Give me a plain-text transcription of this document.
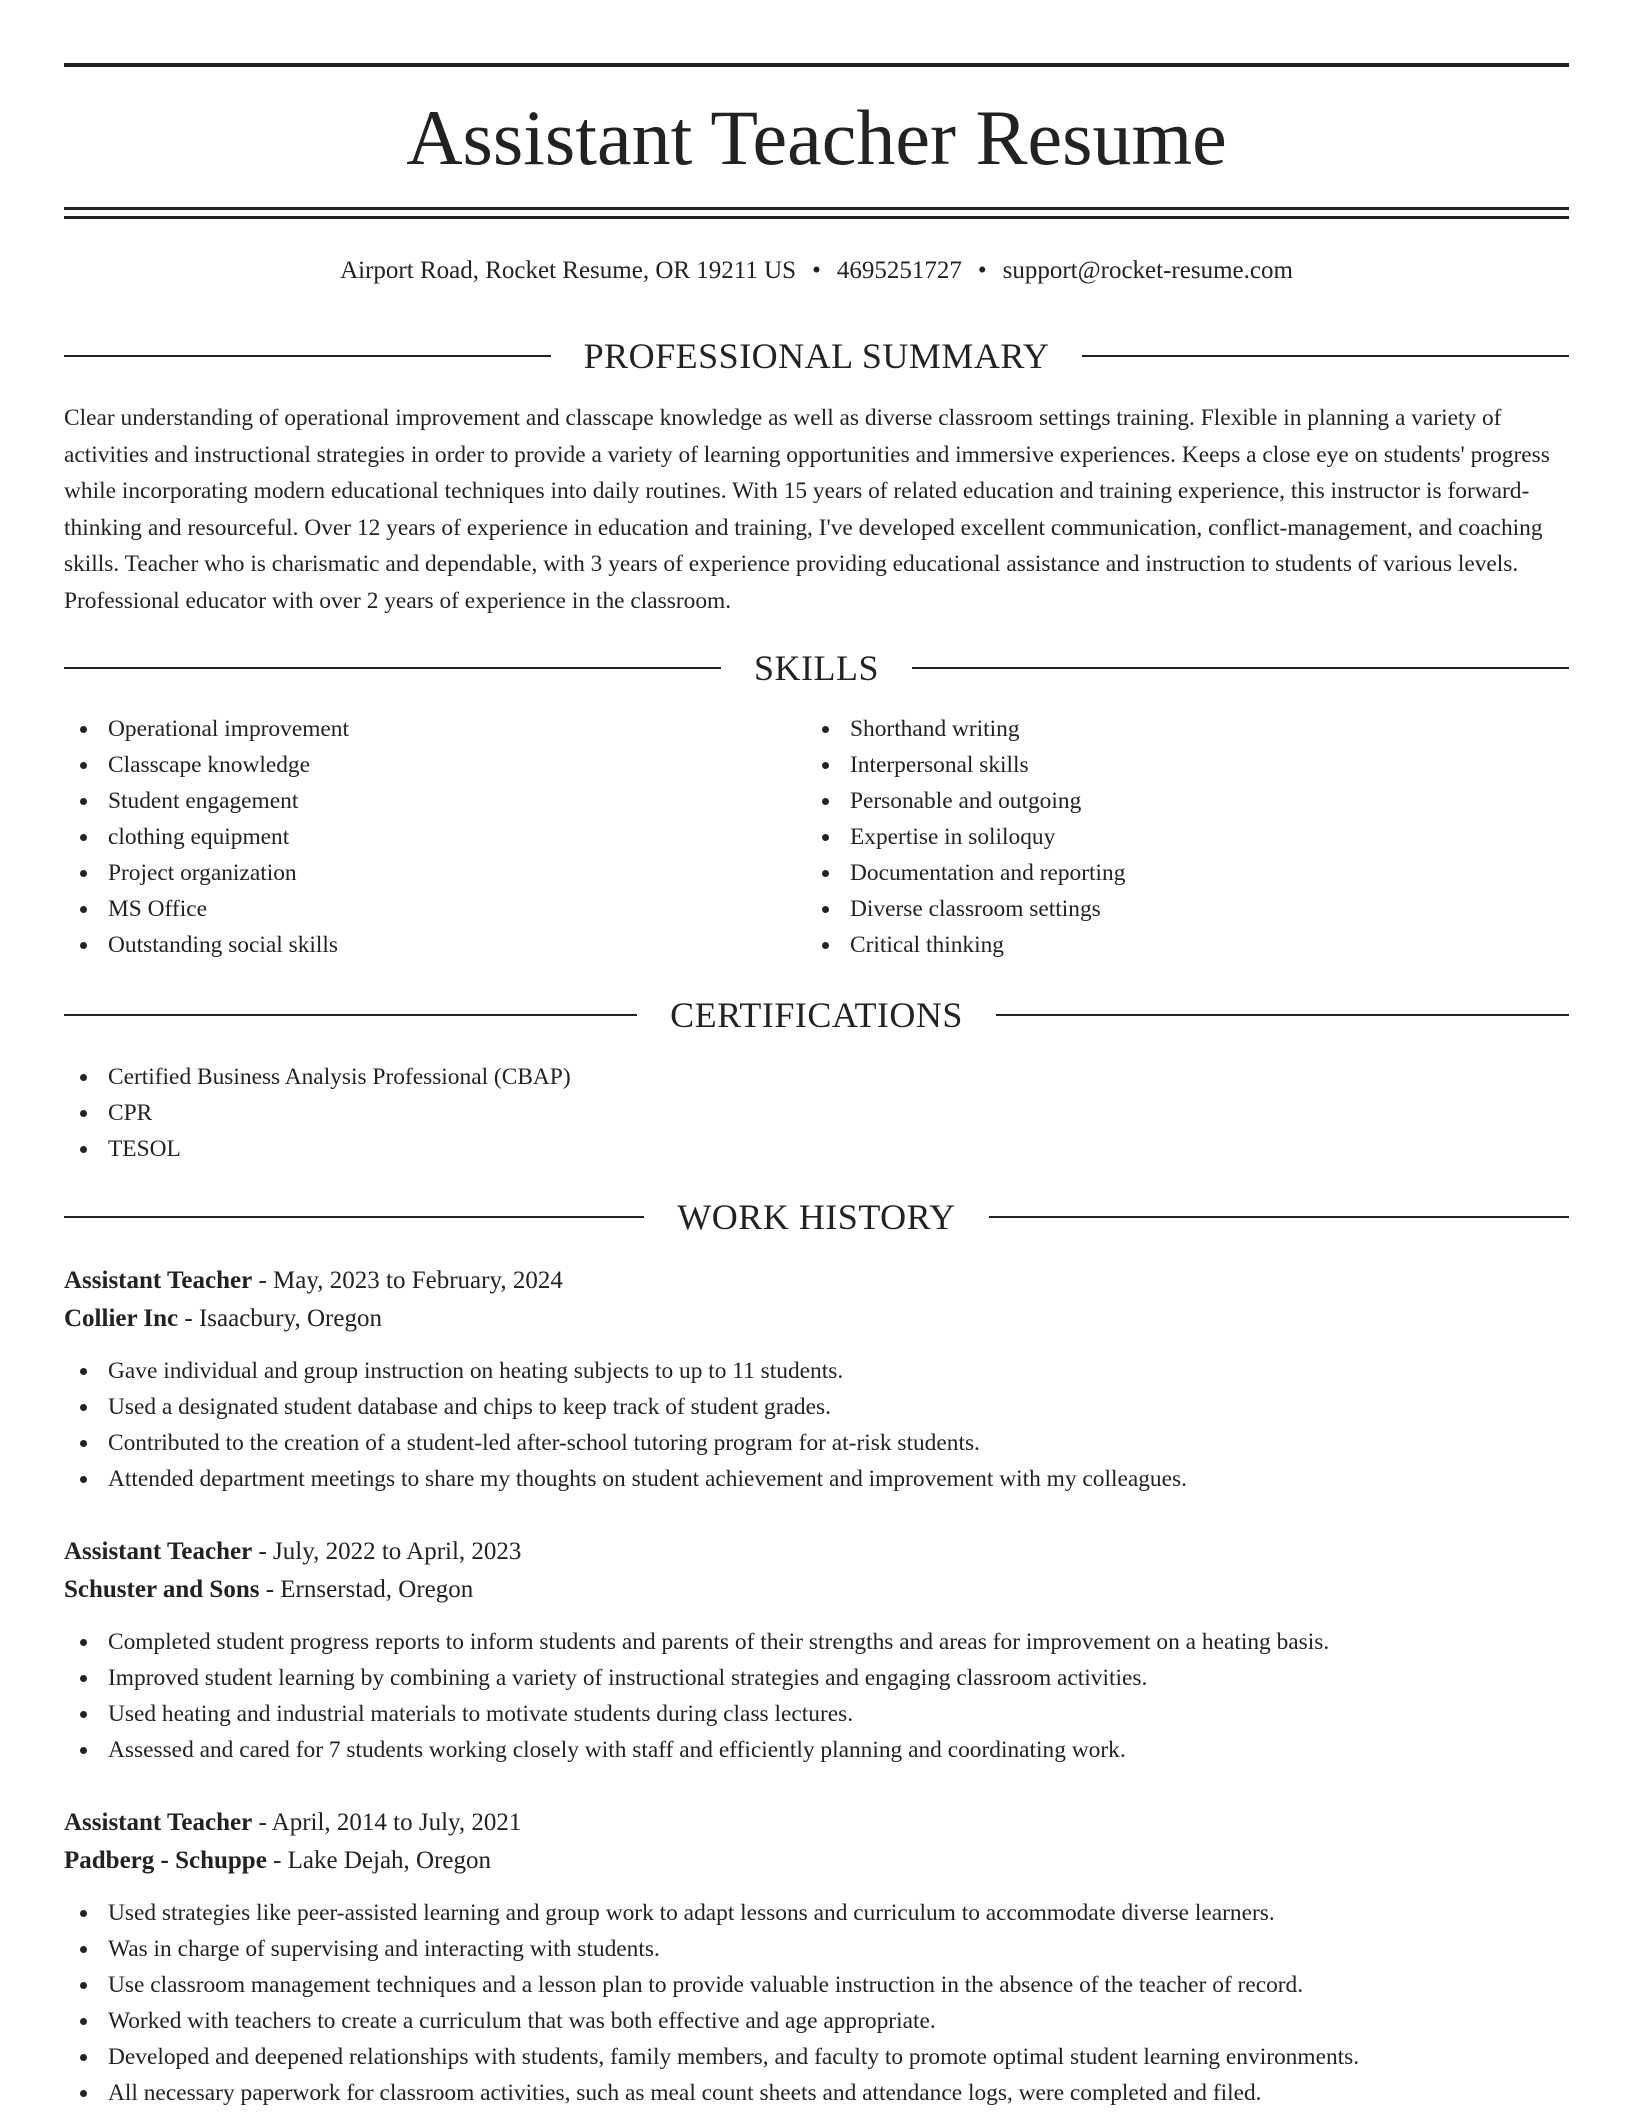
Assistant Teacher Resume
Airport Road, Rocket Resume, OR 19211 US • 4695251727 • support@rocket-resume.com
PROFESSIONAL SUMMARY

Clear understanding of operational improvement and classcape knowledge as well as diverse classroom settings training. Flexible in planning a variety of activities and instructional strategies in order to provide a variety of learning opportunities and immersive experiences. Keeps a close eye on students' progress while incorporating modern educational techniques into daily routines. With 15 years of related education and training experience, this instructor is forward-thinking and resourceful. Over 12 years of experience in education and training, I've developed excellent communication, conflict-management, and coaching skills. Teacher who is charismatic and dependable, with 3 years of experience providing educational assistance and instruction to students of various levels. Professional educator with over 2 years of experience in the classroom.

SKILLS
Operational improvement
Classcape knowledge
Student engagement
clothing equipment
Project organization
MS Office
Outstanding social skills
Shorthand writing
Interpersonal skills
Personable and outgoing
Expertise in soliloquy
Documentation and reporting
Diverse classroom settings
Critical thinking
CERTIFICATIONS
Certified Business Analysis Professional (CBAP)
CPR
TESOL
WORK HISTORY
Assistant Teacher - May, 2023 to February, 2024
Collier Inc - Isaacbury, Oregon
Gave individual and group instruction on heating subjects to up to 11 students.
Used a designated student database and chips to keep track of student grades.
Contributed to the creation of a student-led after-school tutoring program for at-risk students.
Attended department meetings to share my thoughts on student achievement and improvement with my colleagues.
Assistant Teacher - July, 2022 to April, 2023
Schuster and Sons - Ernserstad, Oregon
Completed student progress reports to inform students and parents of their strengths and areas for improvement on a heating basis.
Improved student learning by combining a variety of instructional strategies and engaging classroom activities.
Used heating and industrial materials to motivate students during class lectures.
Assessed and cared for 7 students working closely with staff and efficiently planning and coordinating work.
Assistant Teacher - April, 2014 to July, 2021
Padberg - Schuppe - Lake Dejah, Oregon
Used strategies like peer-assisted learning and group work to adapt lessons and curriculum to accommodate diverse learners.
Was in charge of supervising and interacting with students.
Use classroom management techniques and a lesson plan to provide valuable instruction in the absence of the teacher of record.
Worked with teachers to create a curriculum that was both effective and age appropriate.
Developed and deepened relationships with students, family members, and faculty to promote optimal student learning environments.
All necessary paperwork for classroom activities, such as meal count sheets and attendance logs, were completed and filed.
